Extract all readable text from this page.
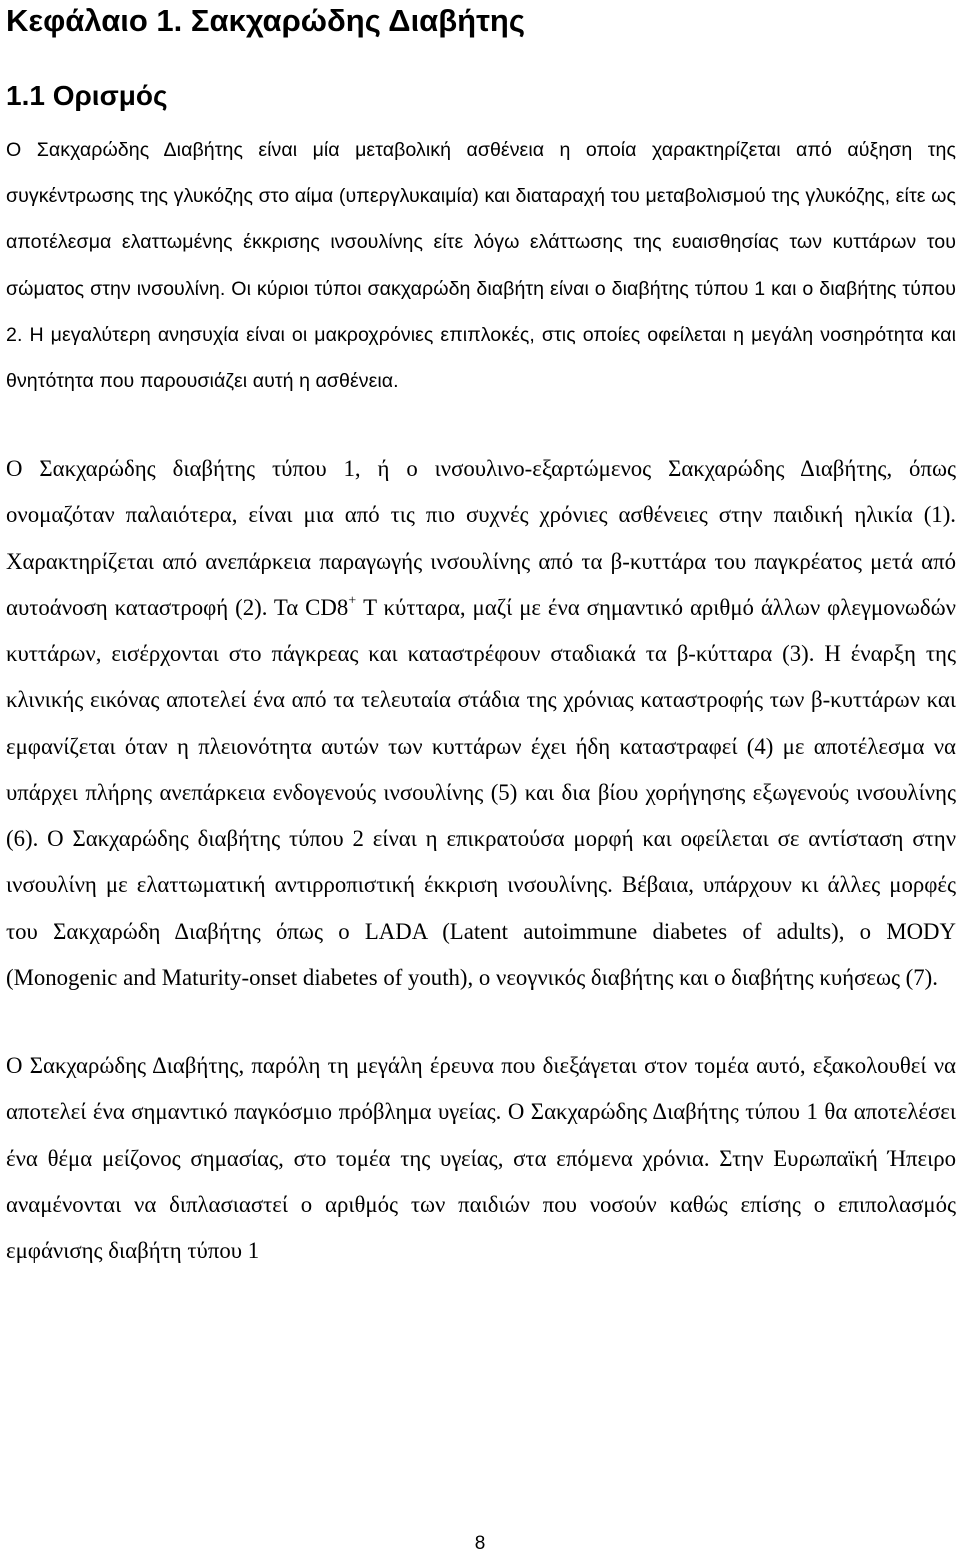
Κεφάλαιο 1. Σακχαρώδης Διαβήτης
1.1 Ορισμός

Ο Σακχαρώδης Διαβήτης είναι μία μεταβολική ασθένεια η οποία χαρακτηρίζεται από αύξηση της συγκέντρωσης της γλυκόζης στο αίμα (υπεργλυκαιμία) και διαταραχή του μεταβολισμού της γλυκόζης, είτε ως αποτέλεσμα ελαττωμένης έκκρισης ινσουλίνης είτε λόγω ελάττωσης της ευαισθησίας των κυττάρων του σώματος στην ινσουλίνη. Οι κύριοι τύποι σακχαρώδη διαβήτη είναι ο διαβήτης τύπου 1 και ο διαβήτης τύπου 2. Η μεγαλύτερη ανησυχία είναι οι μακροχρόνιες επιπλοκές, στις οποίες οφείλεται η μεγάλη νοσηρότητα και θνητότητα που παρουσιάζει αυτή η ασθένεια.

Ο Σακχαρώδης διαβήτης τύπου 1, ή ο ινσουλινο-εξαρτώμενος Σακχαρώδης Διαβήτης, όπως ονομαζόταν παλαιότερα, είναι μια από τις πιο συχνές χρόνιες ασθένειες στην παιδική ηλικία (1). Χαρακτηρίζεται από ανεπάρκεια παραγωγής ινσουλίνης από τα β-κυττάρα του παγκρέατος μετά από αυτοάνοση καταστροφή (2). Τα CD8+ Τ κύτταρα, μαζί με ένα σημαντικό αριθμό άλλων φλεγμονωδών κυττάρων, εισέρχονται στο πάγκρεας και καταστρέφουν σταδιακά τα β-κύτταρα (3). Η έναρξη της κλινικής εικόνας αποτελεί ένα από τα τελευταία στάδια της χρόνιας καταστροφής των β-κυττάρων και εμφανίζεται όταν η πλειονότητα αυτών των κυττάρων έχει ήδη καταστραφεί (4) με αποτέλεσμα να υπάρχει πλήρης ανεπάρκεια ενδογενούς ινσουλίνης (5) και δια βίου χορήγησης εξωγενούς ινσουλίνης (6). Ο Σακχαρώδης διαβήτης τύπου 2 είναι η επικρατούσα μορφή και οφείλεται σε αντίσταση στην ινσουλίνη με ελαττωματική αντιρροπιστική έκκριση ινσουλίνης. Βέβαια, υπάρχουν κι άλλες μορφές του Σακχαρώδη Διαβήτης όπως ο LADA (Latent autoimmune diabetes of adults), ο MODY (Monogenic and Maturity-onset diabetes of youth), ο νεογνικός διαβήτης και ο διαβήτης κυήσεως (7).

Ο Σακχαρώδης Διαβήτης, παρόλη τη μεγάλη έρευνα που διεξάγεται στον τομέα αυτό, εξακολουθεί να αποτελεί ένα σημαντικό παγκόσμιο πρόβλημα υγείας. Ο Σακχαρώδης Διαβήτης τύπου 1 θα αποτελέσει ένα θέμα μείζονος σημασίας, στο τομέα της υγείας, στα επόμενα χρόνια. Στην Ευρωπαϊκή Ήπειρο αναμένονται να διπλασιαστεί ο αριθμός των παιδιών που νοσούν καθώς επίσης ο επιπολασμός εμφάνισης διαβήτη τύπου 1

8
